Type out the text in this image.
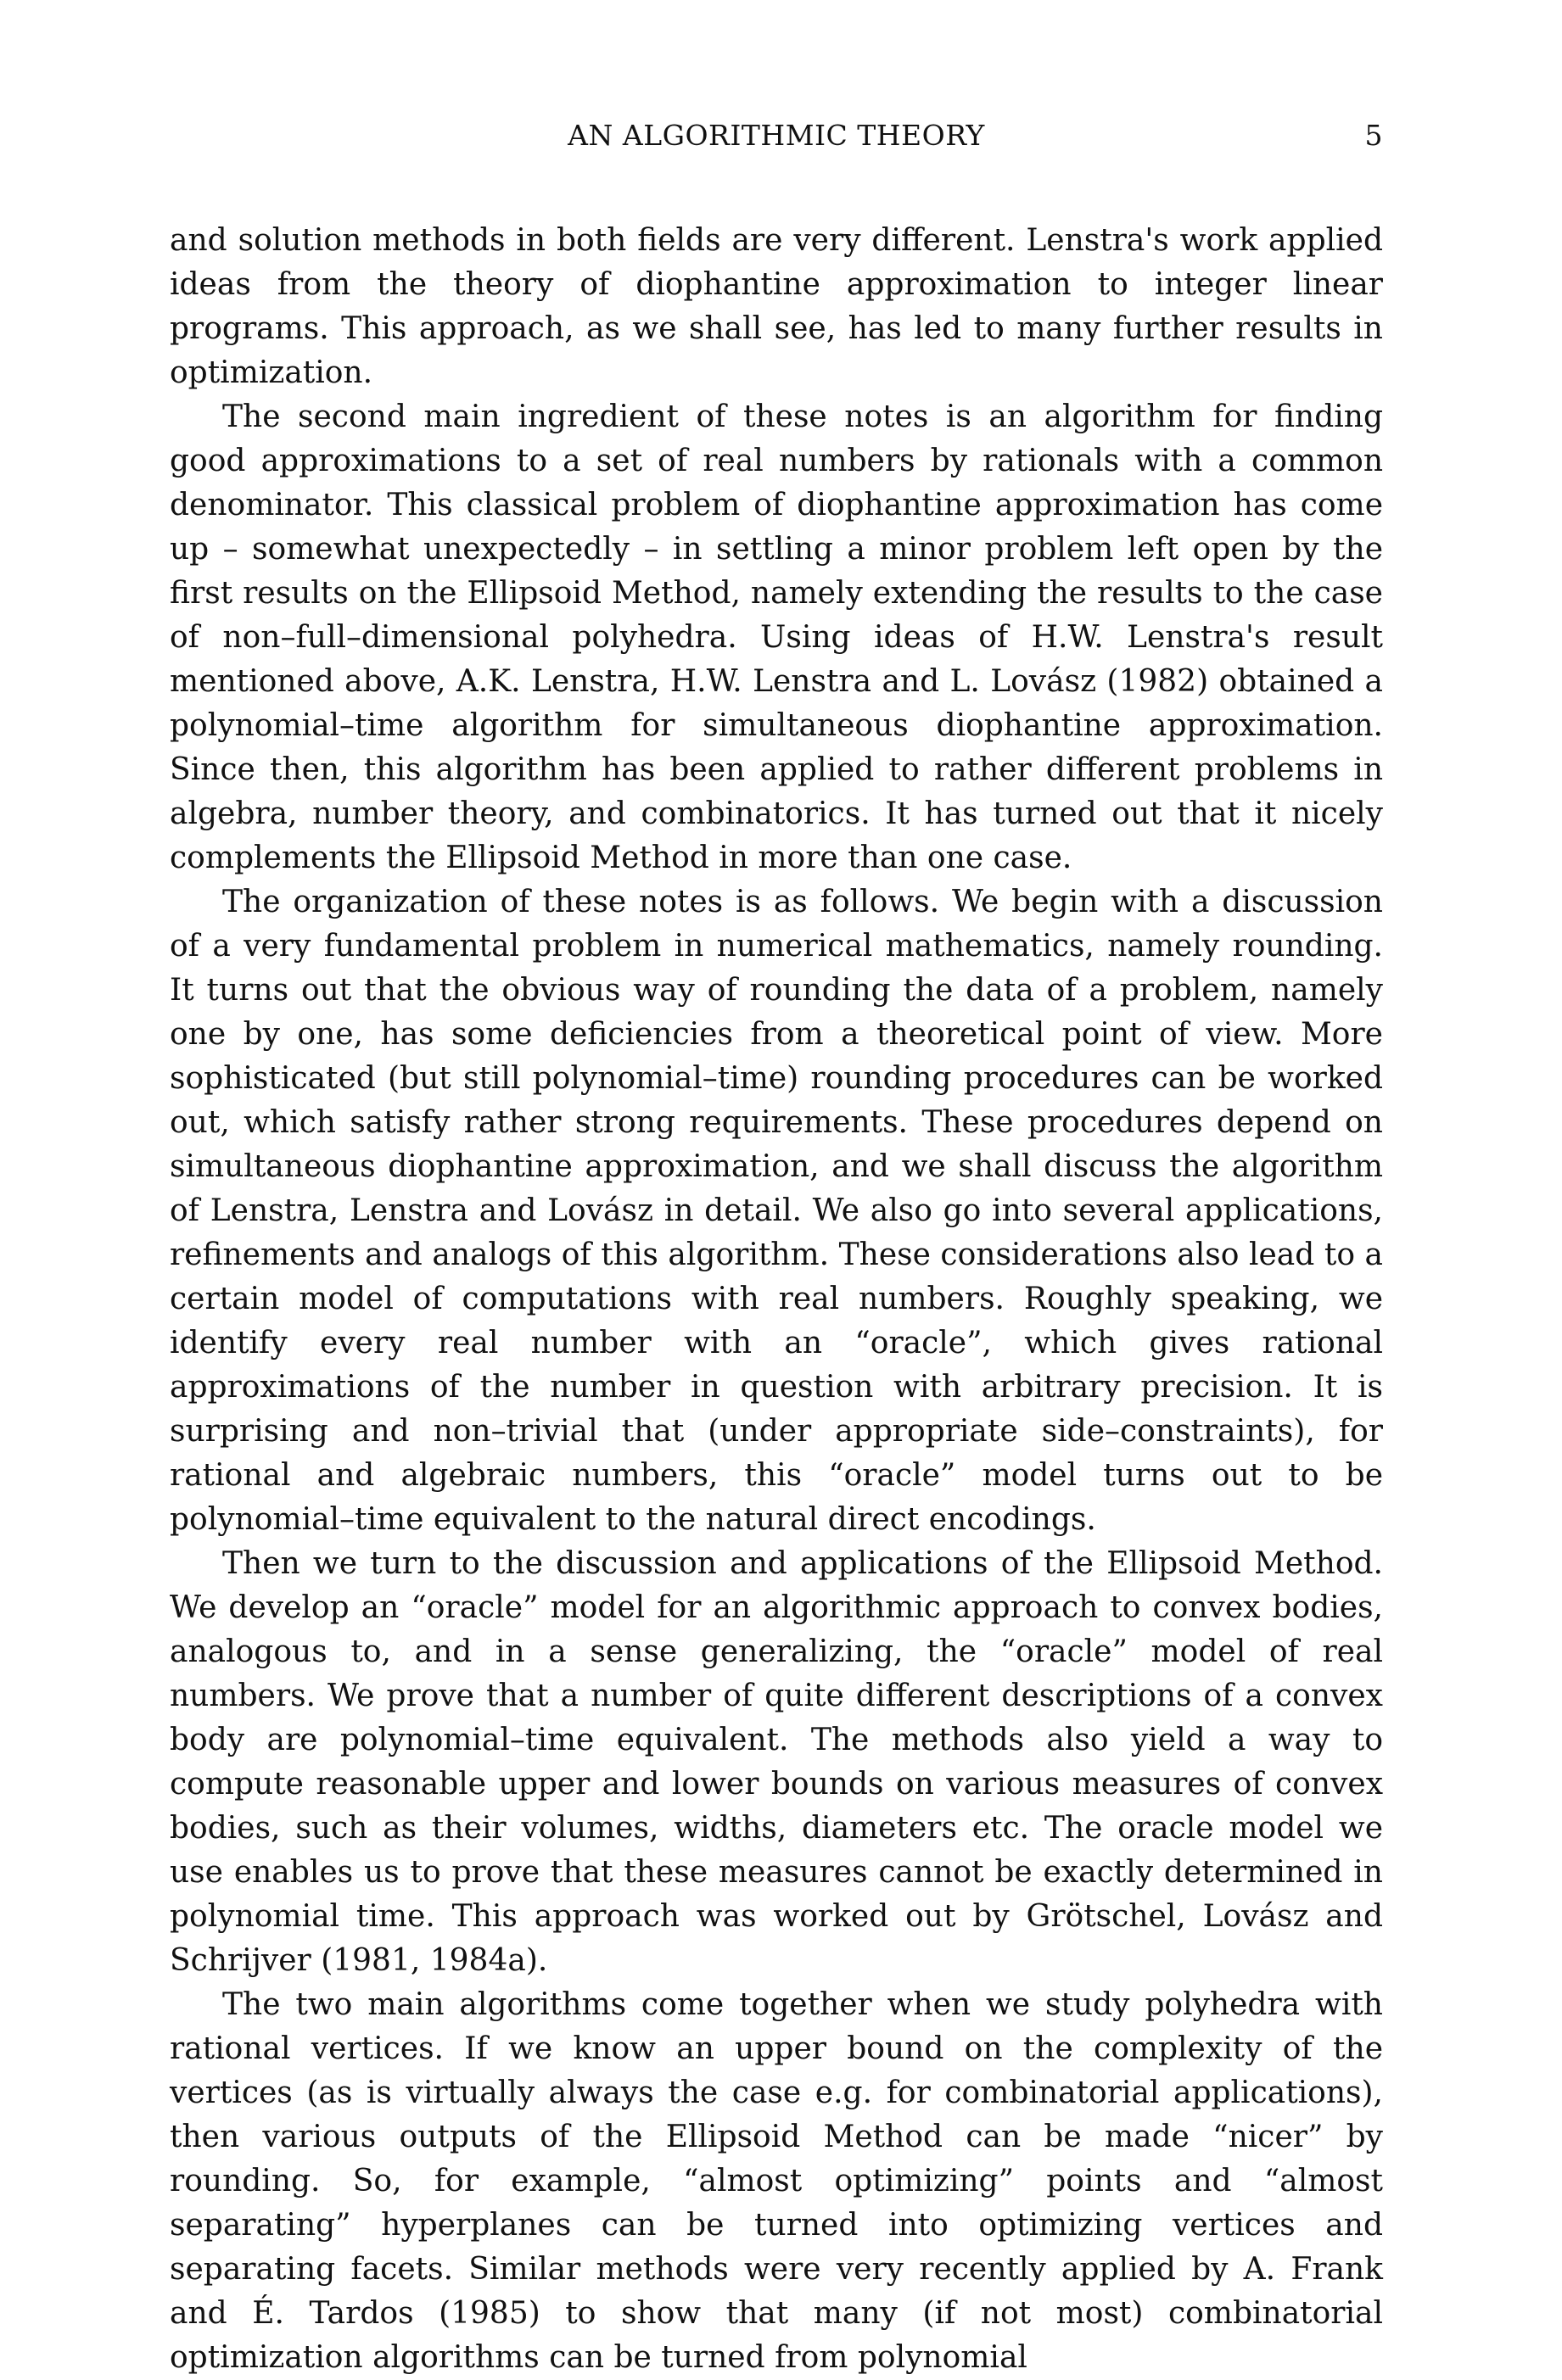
AN ALGORITHMIC THEORY	5

and solution methods in both fields are very different. Lenstra's work applied ideas from the theory of diophantine approximation to integer linear programs. This approach, as we shall see, has led to many further results in optimization.

The second main ingredient of these notes is an algorithm for finding good approximations to a set of real numbers by rationals with a common denominator. This classical problem of diophantine approximation has come up – somewhat unexpectedly – in settling a minor problem left open by the first results on the Ellipsoid Method, namely extending the results to the case of non–full–dimensional polyhedra. Using ideas of H.W. Lenstra's result mentioned above, A.K. Lenstra, H.W. Lenstra and L. Lovász (1982) obtained a polynomial–time algorithm for simultaneous diophantine approximation. Since then, this algorithm has been applied to rather different problems in algebra, number theory, and combinatorics. It has turned out that it nicely complements the Ellipsoid Method in more than one case.

The organization of these notes is as follows. We begin with a discussion of a very fundamental problem in numerical mathematics, namely rounding. It turns out that the obvious way of rounding the data of a problem, namely one by one, has some deficiencies from a theoretical point of view. More sophisticated (but still polynomial–time) rounding procedures can be worked out, which satisfy rather strong requirements. These procedures depend on simultaneous diophantine approximation, and we shall discuss the algorithm of Lenstra, Lenstra and Lovász in detail. We also go into several applications, refinements and analogs of this algorithm. These considerations also lead to a certain model of computations with real numbers. Roughly speaking, we identify every real number with an “oracle”, which gives rational approximations of the number in question with arbitrary precision. It is surprising and non–trivial that (under appropriate side–constraints), for rational and algebraic numbers, this “oracle” model turns out to be polynomial–time equivalent to the natural direct encodings.

Then we turn to the discussion and applications of the Ellipsoid Method. We develop an “oracle” model for an algorithmic approach to convex bodies, analogous to, and in a sense generalizing, the “oracle” model of real numbers. We prove that a number of quite different descriptions of a convex body are polynomial–time equivalent. The methods also yield a way to compute reasonable upper and lower bounds on various measures of convex bodies, such as their volumes, widths, diameters etc. The oracle model we use enables us to prove that these measures cannot be exactly determined in polynomial time. This approach was worked out by Grötschel, Lovász and Schrijver (1981, 1984a).

The two main algorithms come together when we study polyhedra with rational vertices. If we know an upper bound on the complexity of the vertices (as is virtually always the case e.g. for combinatorial applications), then various outputs of the Ellipsoid Method can be made “nicer” by rounding. So, for example, “almost optimizing” points and “almost separating” hyperplanes can be turned into optimizing vertices and separating facets. Similar methods were very recently applied by A. Frank and É. Tardos (1985) to show that many (if not most) combinatorial optimization algorithms can be turned from polynomial
